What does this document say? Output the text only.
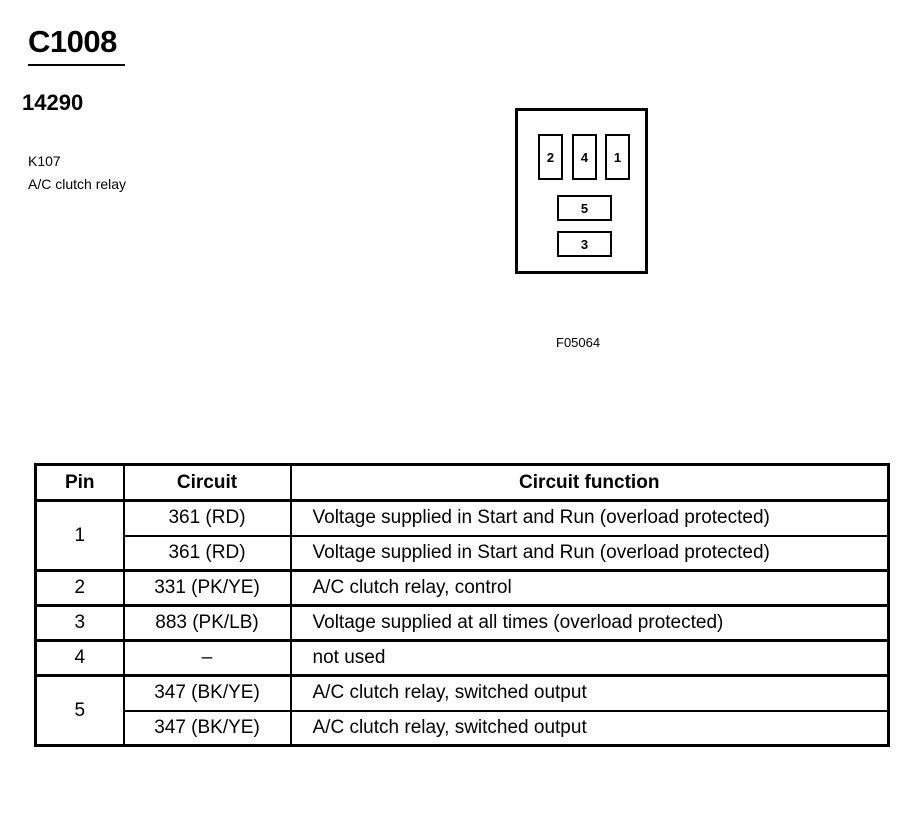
C1008
14290
K107
A/C clutch relay
2	4	1
5
3
F05064
Pin	Circuit	Circuit function
1	361 (RD)	Voltage supplied in Start and Run (overload protected)
	361 (RD)	Voltage supplied in Start and Run (overload protected)
2	331 (PK/YE)	A/C clutch relay, control
3	883 (PK/LB)	Voltage supplied at all times (overload protected)
4	–	not used
5	347 (BK/YE)	A/C clutch relay, switched output
	347 (BK/YE)	A/C clutch relay, switched output
